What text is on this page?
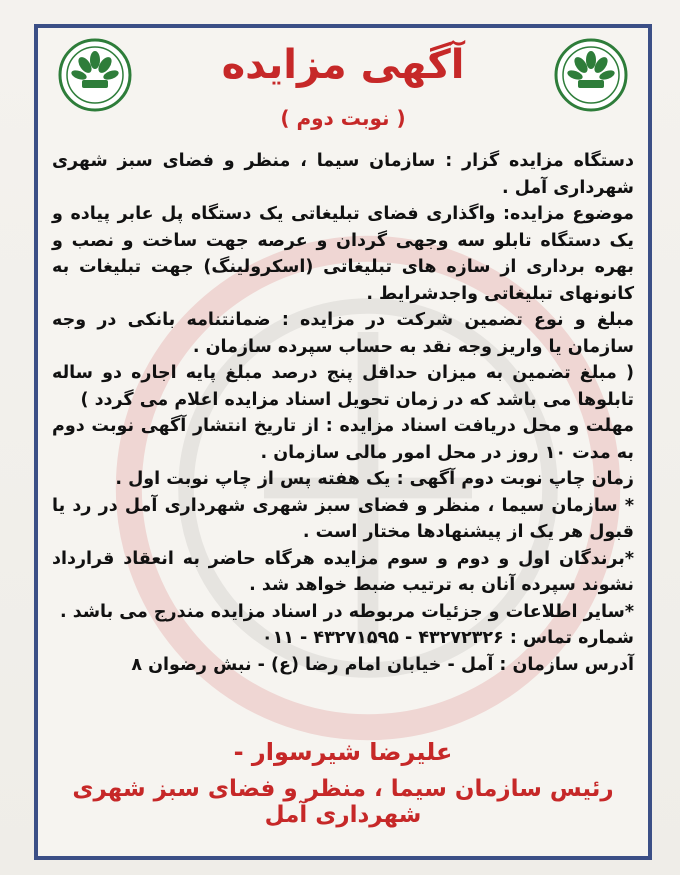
آگهی مزایده
( نوبت دوم )

دستگاه مزایده گزار : سازمان سیما ، منظر و فضای سبز شهری شهرداری آمل .

موضوع مزایده: واگذاری فضای تبلیغاتی یک دستگاه پل عابر پیاده و یک دستگاه تابلو سه وجهی گردان و عرصه جهت ساخت و نصب و بهره برداری از سازه های تبلیغاتی (اسکرولینگ) جهت تبلیغات به کانونهای تبلیغاتی واجدشرایط .

مبلغ و نوع تضمین شرکت در مزایده : ضمانتنامه بانکی در وجه سازمان یا واریز وجه نقد به حساب سپرده سازمان .

( مبلغ تضمین به میزان حداقل پنج درصد مبلغ پایه اجاره دو ساله تابلوها می باشد که در زمان تحویل اسناد مزایده اعلام می گردد )

مهلت و محل دریافت اسناد مزایده : از تاریخ انتشار آگهی نوبت دوم به مدت ۱۰ روز در محل امور مالی سازمان .

زمان چاپ نوبت دوم آگهی : یک هفته پس از چاپ نوبت اول .

* سازمان سیما ، منظر و فضای سبز شهری شهرداری آمل در رد یا قبول هر یک از پیشنهادها مختار است .

*برندگان اول و دوم و سوم مزایده هرگاه حاضر به انعقاد قرارداد نشوند سپرده آنان به ترتیب ضبط خواهد شد .

*سایر اطلاعات و جزئیات مربوطه در اسناد مزایده مندرج می باشد .

شماره تماس : ۴۳۲۷۲۳۲۶ - ۴۳۲۷۱۵۹۵ - ۰۱۱

آدرس سازمان : آمل - خیابان امام رضا (ع) - نبش رضوان ۸

علیرضا شیرسوار -
رئیس سازمان سیما ، منظر و فضای سبز شهری شهرداری آمل
